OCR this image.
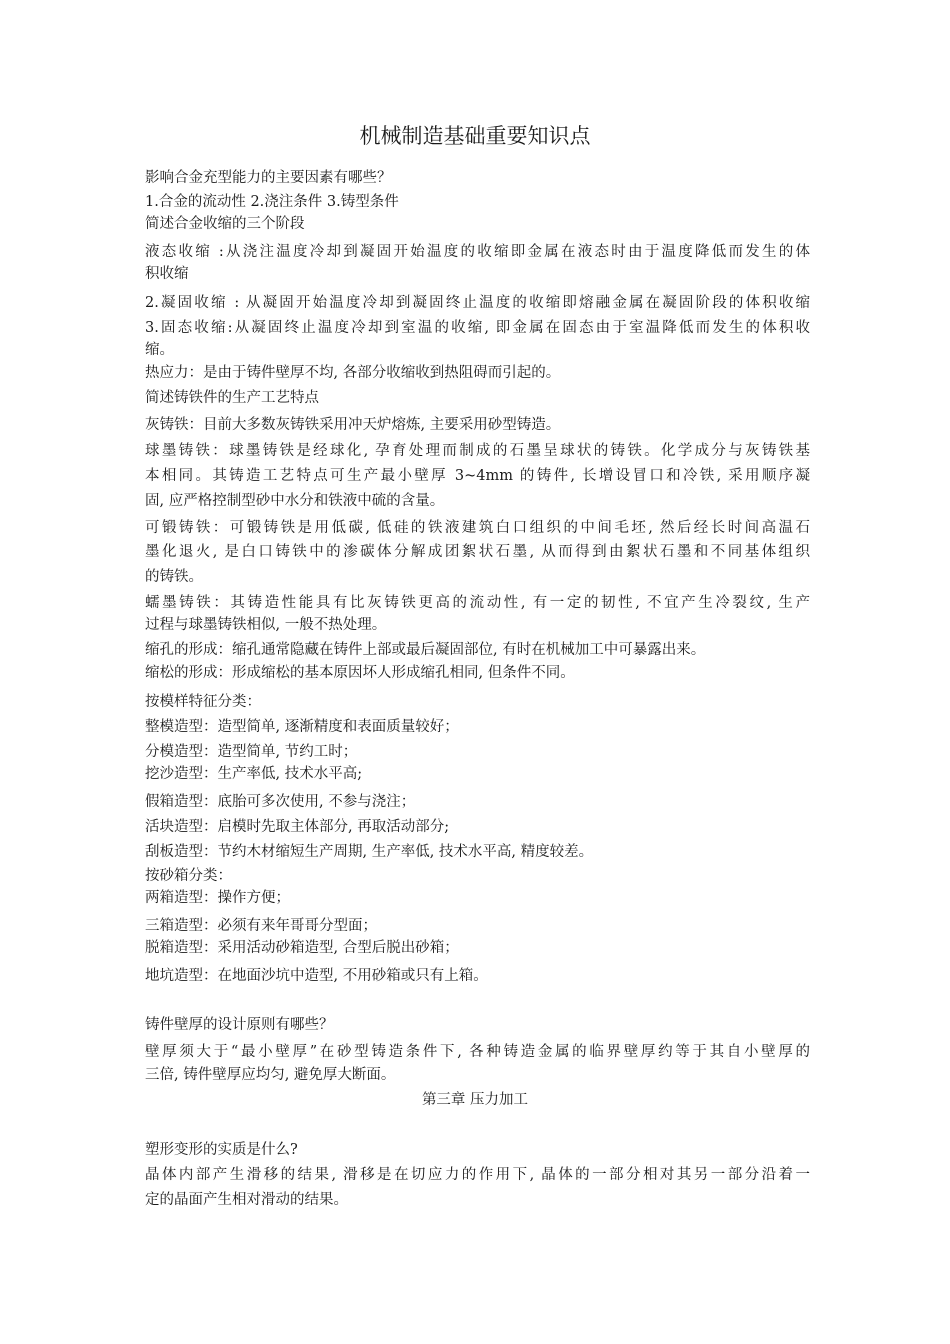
机械制造基础重要知识点
影响合金充型能力的主要因素有哪些？
1.合金的流动性 2.浇注条件 3.铸型条件
简述合金收缩的三个阶段
液态收缩 :从浇注温度冷却到凝固开始温度的收缩即金属在液态时由于温度降低而发生的体
积收缩
2.凝固收缩 : 从凝固开始温度冷却到凝固终止温度的收缩即熔融金属在凝固阶段的体积收缩
3.固态收缩:从凝固终止温度冷却到室温的收缩, 即金属在固态由于室温降低而发生的体积收
缩。
热应力：是由于铸件壁厚不均, 各部分收缩收到热阻碍而引起的。
简述铸铁件的生产工艺特点
灰铸铁：目前大多数灰铸铁采用冲天炉熔炼, 主要采用砂型铸造。
球墨铸铁：球墨铸铁是经球化, 孕育处理而制成的石墨呈球状的铸铁。化学成分与灰铸铁基
本相同。其铸造工艺特点可生产最小壁厚 3~4mm 的铸件, 长增设冒口和冷铁, 采用顺序凝
固, 应严格控制型砂中水分和铁液中硫的含量。
可锻铸铁：可锻铸铁是用低碳, 低硅的铁液建筑白口组织的中间毛坯, 然后经长时间高温石
墨化退火, 是白口铸铁中的渗碳体分解成团絮状石墨, 从而得到由絮状石墨和不同基体组织
的铸铁。
蠕墨铸铁：其铸造性能具有比灰铸铁更高的流动性, 有一定的韧性, 不宜产生冷裂纹, 生产
过程与球墨铸铁相似, 一般不热处理。
缩孔的形成：缩孔通常隐藏在铸件上部或最后凝固部位, 有时在机械加工中可暴露出来。
缩松的形成：形成缩松的基本原因坏人形成缩孔相同, 但条件不同。
按模样特征分类：
整模造型：造型简单, 逐渐精度和表面质量较好；
分模造型：造型简单, 节约工时；
挖沙造型：生产率低, 技术水平高;
假箱造型：底胎可多次使用, 不参与浇注；
活块造型：启模时先取主体部分, 再取活动部分;
刮板造型：节约木材缩短生产周期, 生产率低, 技术水平高, 精度较差。
按砂箱分类：
两箱造型：操作方便；
三箱造型：必须有来年哥哥分型面；
脱箱造型：采用活动砂箱造型, 合型后脱出砂箱；
地坑造型：在地面沙坑中造型, 不用砂箱或只有上箱。
铸件壁厚的设计原则有哪些？
壁厚须大于“最小壁厚”在砂型铸造条件下, 各种铸造金属的临界壁厚约等于其自小壁厚的
三倍, 铸件壁厚应均匀, 避免厚大断面。
第三章 压力加工
塑形变形的实质是什么?
晶体内部产生滑移的结果, 滑移是在切应力的作用下, 晶体的一部分相对其另一部分沿着一
定的晶面产生相对滑动的结果。
